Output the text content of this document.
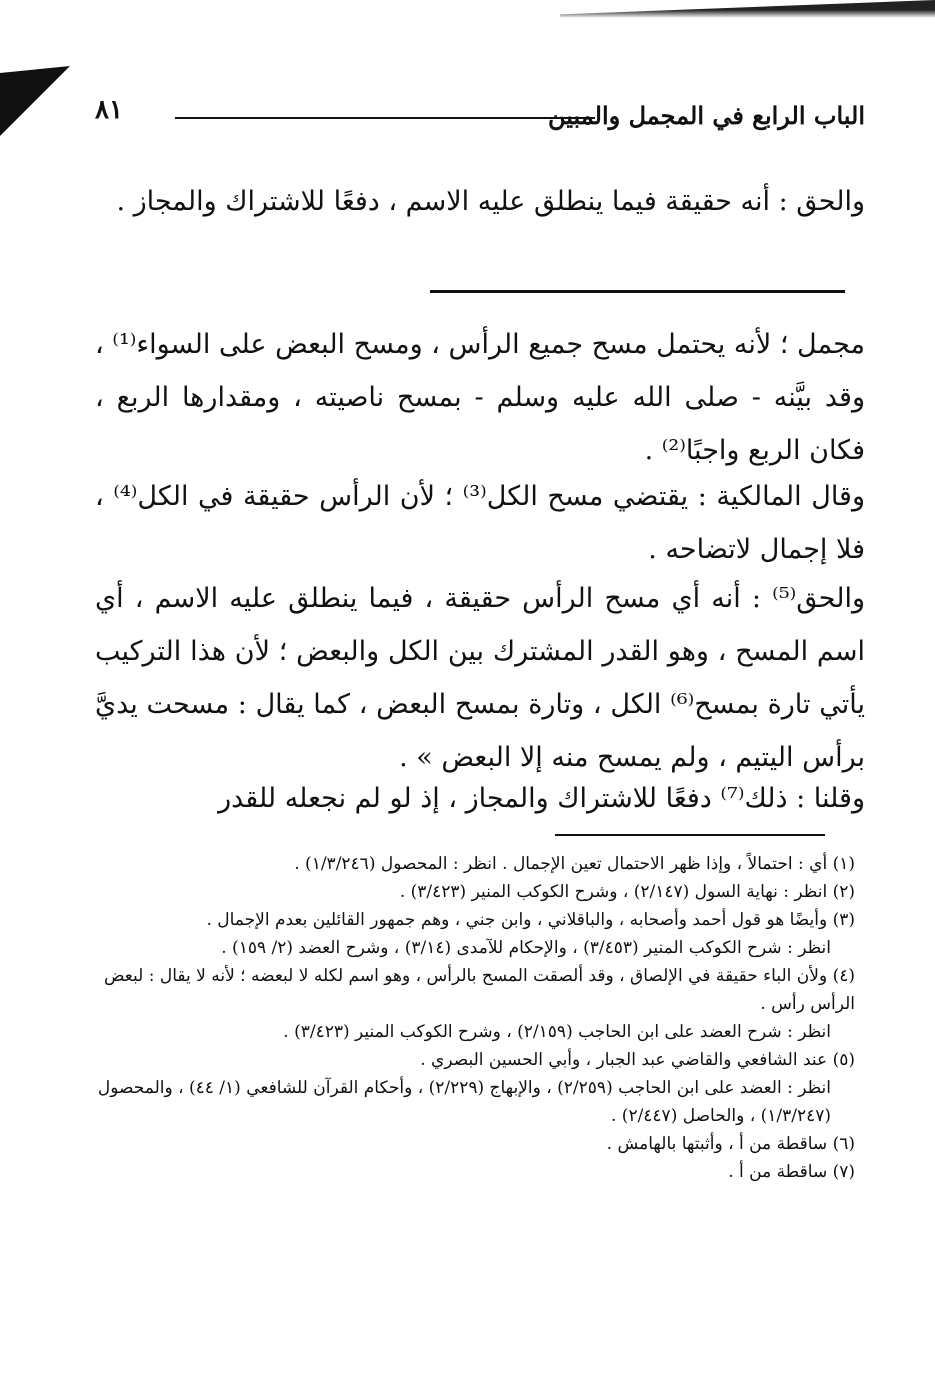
٨١	الباب الرابع في المجمل والمبين
والحق : أنه حقيقة فيما ينطلق عليه الاسم ، دفعًا للاشتراك والمجاز .
مجمل ؛ لأنه يحتمل مسح جميع الرأس ، ومسح البعض على السواء⁽¹⁾ ، وقد بيَّنه - صلى الله عليه وسلم - بمسح ناصيته ، ومقدارها الربع ، فكان الربع واجبًا⁽²⁾ .
وقال المالكية : يقتضي مسح الكل⁽³⁾ ؛ لأن الرأس حقيقة في الكل⁽⁴⁾ ، فلا إجمال لاتضاحه .
والحق⁽⁵⁾ : أنه أي مسح الرأس حقيقة ، فيما ينطلق عليه الاسم ، أي اسم المسح ، وهو القدر المشترك بين الكل والبعض ؛ لأن هذا التركيب يأتي تارة بمسح⁽⁶⁾ الكل ، وتارة بمسح البعض ، كما يقال : مسحت يديَّ برأس اليتيم ، ولم يمسح منه إلا البعض » .
وقلنا : ذلك⁽⁷⁾ دفعًا للاشتراك والمجاز ، إذ لو لم نجعله للقدر
(١) أي : احتمالاً ، وإذا ظهر الاحتمال تعين الإجمال . انظر : المحصول (١/٣/٢٤٦) .
(٢) انظر : نهاية السول (٢/١٤٧) ، وشرح الكوكب المنير (٣/٤٢٣) .
(٣) وأيضًا هو قول أحمد وأصحابه ، والباقلاني ، وابن جني ، وهم جمهور القائلين بعدم الإجمال .
انظر : شرح الكوكب المنير (٣/٤٥٣) ، والإحكام للآمدى (٣/١٤) ، وشرح العضد (٢/ ١٥٩) .
(٤) ولأن الباء حقيقة في الإلصاق ، وقد ألصقت المسح بالرأس ، وهو اسم لكله لا لبعضه ؛ لأنه لا يقال : لبعض الرأس رأس .
انظر : شرح العضد على ابن الحاجب (٢/١٥٩) ، وشرح الكوكب المنير (٣/٤٢٣) .
(٥) عند الشافعي والقاضي عبد الجبار ، وأبي الحسين البصري .
انظر : العضد على ابن الحاجب (٢/٢٥٩) ، والإبهاج (٢/٢٢٩) ، وأحكام القرآن للشافعي (١/ ٤٤) ، والمحصول (١/٣/٢٤٧) ، والحاصل (٢/٤٤٧) .
(٦) ساقطة من أ ، وأثبتها بالهامش .
(٧) ساقطة من أ .
